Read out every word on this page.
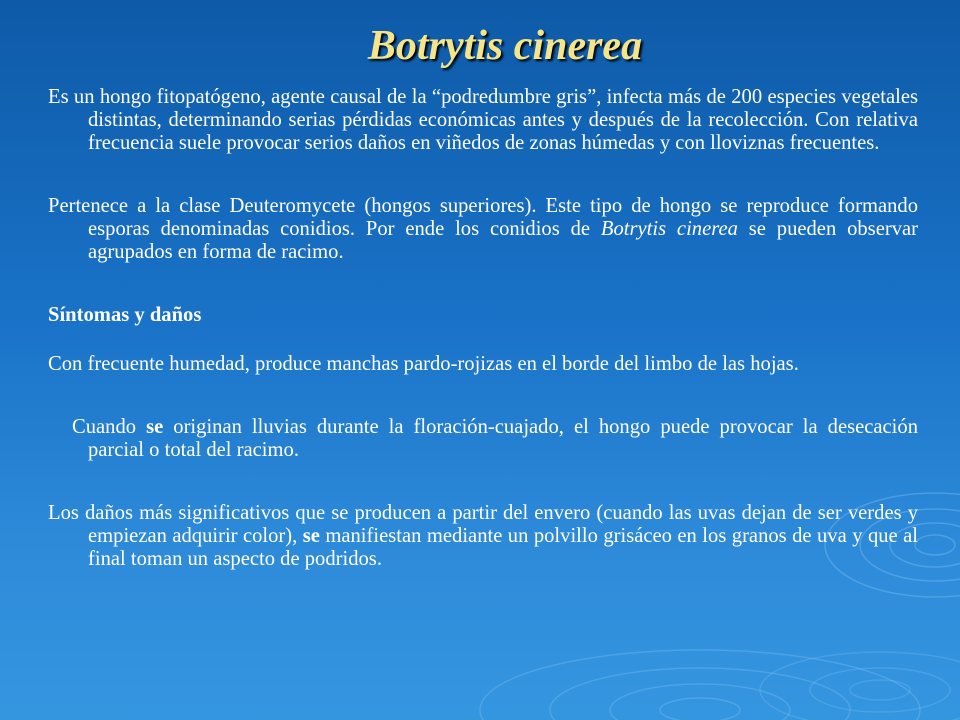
Botrytis cinerea

Es un hongo fitopatógeno, agente causal de la “podredumbre gris”, infecta más de 200 especies vegetales distintas, determinando serias pérdidas económicas antes y después de la recolección. Con relativa frecuencia suele provocar serios daños en viñedos de zonas húmedas y con lloviznas frecuentes.

Pertenece a la clase Deuteromycete (hongos superiores). Este tipo de hongo se reproduce formando esporas denominadas conidios. Por ende los conidios de Botrytis cinerea se pueden observar agrupados en forma de racimo.

Síntomas y daños

Con frecuente humedad, produce manchas pardo-rojizas en el borde del limbo de las hojas.

Cuando se originan lluvias durante la floración-cuajado, el hongo puede provocar la desecación parcial o total del racimo.

Los daños más significativos que se producen a partir del envero (cuando las uvas dejan de ser verdes y empiezan adquirir color), se manifiestan mediante un polvillo grisáceo en los granos de uva y que al final toman un aspecto de podridos.
